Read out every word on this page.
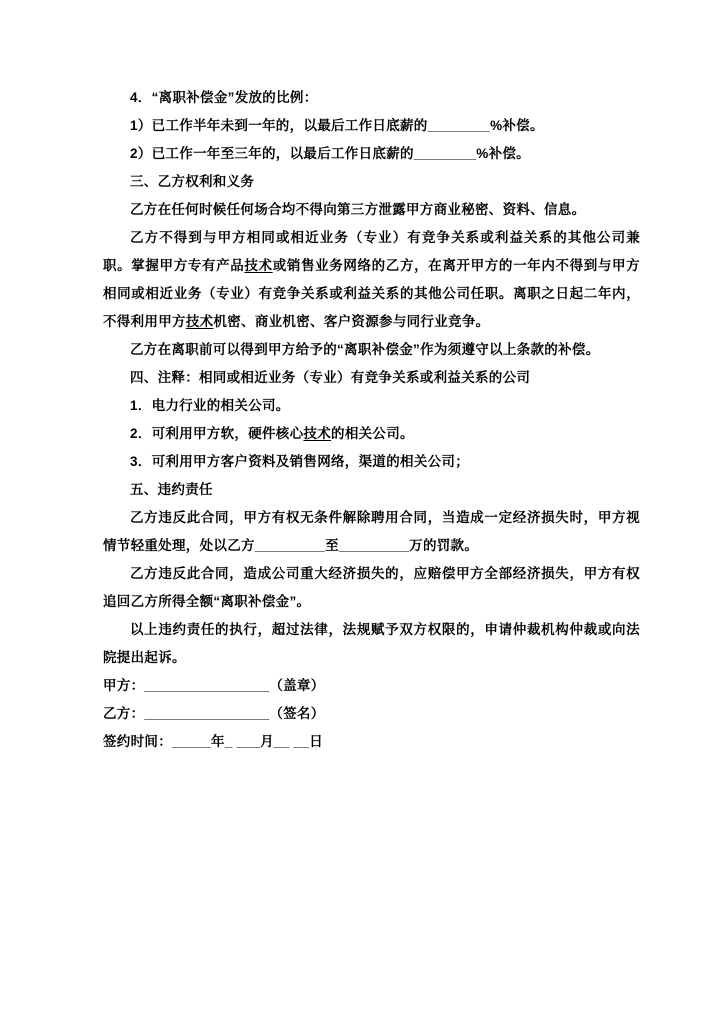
4．“离职补偿金”发放的比例：

1）已工作半年未到一年的，以最后工作日底薪的________%补偿。

2）已工作一年至三年的，以最后工作日底薪的________%补偿。

三、乙方权利和义务

乙方在任何时候任何场合均不得向第三方泄露甲方商业秘密、资料、信息。

乙方不得到与甲方相同或相近业务（专业）有竞争关系或利益关系的其他公司兼职。掌握甲方专有产品技术或销售业务网络的乙方，在离开甲方的一年内不得到与甲方相同或相近业务（专业）有竞争关系或利益关系的其他公司任职。离职之日起二年内，不得利用甲方技术机密、商业机密、客户资源参与同行业竞争。

乙方在离职前可以得到甲方给予的“离职补偿金”作为须遵守以上条款的补偿。

四、注释：相同或相近业务（专业）有竞争关系或利益关系的公司

1．电力行业的相关公司。

2．可利用甲方软，硬件核心技术的相关公司。

3．可利用甲方客户资料及销售网络，渠道的相关公司；

五、违约责任

乙方违反此合同，甲方有权无条件解除聘用合同，当造成一定经济损失时，甲方视情节轻重处理，处以乙方_________至_________万的罚款。

乙方违反此合同，造成公司重大经济损失的，应赔偿甲方全部经济损失，甲方有权追回乙方所得全额“离职补偿金”。

以上违约责任的执行，超过法律，法规赋予双方权限的，申请仲裁机构仲裁或向法院提出起诉。

甲方：________________（盖章）

乙方：________________（签名）

签约时间：_____年_ ___月__ __日
